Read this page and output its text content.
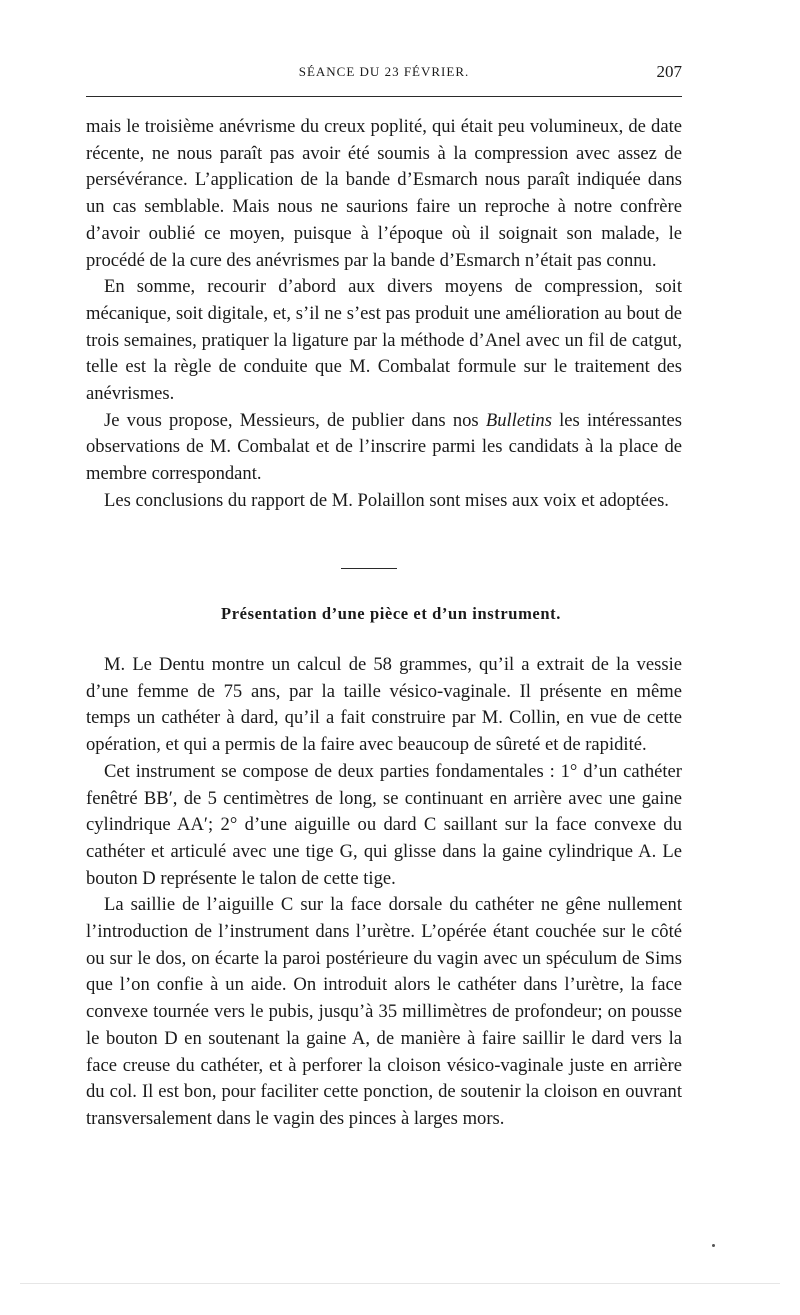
SÉANCE DU 23 FÉVRIER.	207

mais le troisième anévrisme du creux poplité, qui était peu volumineux, de date récente, ne nous paraît pas avoir été soumis à la compression avec assez de persévérance. L’application de la bande d’Esmarch nous paraît indiquée dans un cas semblable. Mais nous ne saurions faire un reproche à notre confrère d’avoir oublié ce moyen, puisque à l’époque où il soignait son malade, le procédé de la cure des anévrismes par la bande d’Esmarch n’était pas connu.

En somme, recourir d’abord aux divers moyens de compression, soit mécanique, soit digitale, et, s’il ne s’est pas produit une amélioration au bout de trois semaines, pratiquer la ligature par la méthode d’Anel avec un fil de catgut, telle est la règle de conduite que M. Combalat formule sur le traitement des anévrismes.

Je vous propose, Messieurs, de publier dans nos Bulletins les intéressantes observations de M. Combalat et de l’inscrire parmi les candidats à la place de membre correspondant.

Les conclusions du rapport de M. Polaillon sont mises aux voix et adoptées.

Présentation d’une pièce et d’un instrument.

M. Le Dentu montre un calcul de 58 grammes, qu’il a extrait de la vessie d’une femme de 75 ans, par la taille vésico-vaginale. Il présente en même temps un cathéter à dard, qu’il a fait construire par M. Collin, en vue de cette opération, et qui a permis de la faire avec beaucoup de sûreté et de rapidité.

Cet instrument se compose de deux parties fondamentales : 1° d’un cathéter fenêtré BB′, de 5 centimètres de long, se continuant en arrière avec une gaine cylindrique AA′; 2° d’une aiguille ou dard C saillant sur la face convexe du cathéter et articulé avec une tige G, qui glisse dans la gaine cylindrique A. Le bouton D représente le talon de cette tige.

La saillie de l’aiguille C sur la face dorsale du cathéter ne gêne nullement l’introduction de l’instrument dans l’urètre. L’opérée étant couchée sur le côté ou sur le dos, on écarte la paroi postérieure du vagin avec un spéculum de Sims que l’on confie à un aide. On introduit alors le cathéter dans l’urètre, la face convexe tournée vers le pubis, jusqu’à 35 millimètres de profondeur; on pousse le bouton D en soutenant la gaine A, de manière à faire saillir le dard vers la face creuse du cathéter, et à perforer la cloison vésico-vaginale juste en arrière du col. Il est bon, pour faciliter cette ponction, de soutenir la cloison en ouvrant transversalement dans le vagin des pinces à larges mors.
